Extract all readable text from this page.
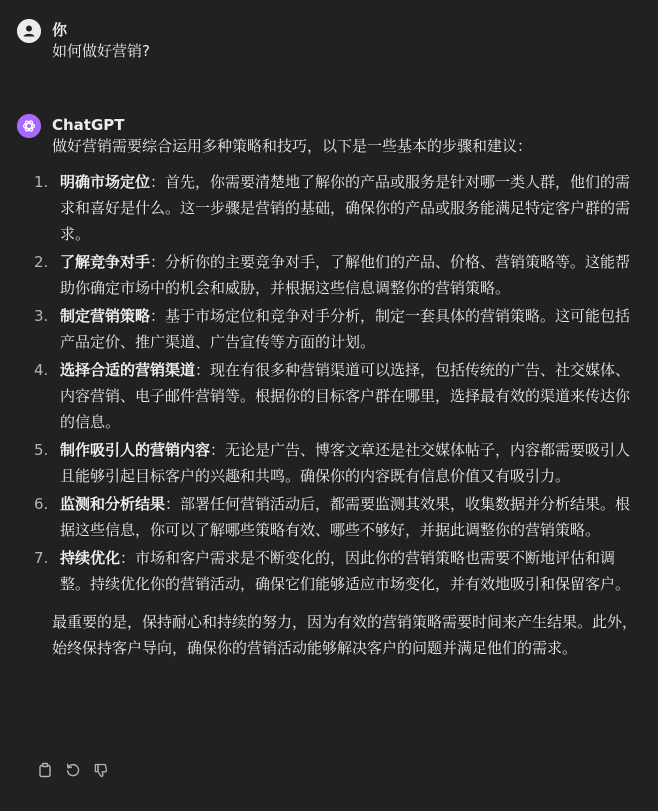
你
如何做好营销?
ChatGPT

做好营销需要综合运用多种策略和技巧，以下是一些基本的步骤和建议：

1. 明确市场定位：首先，你需要清楚地了解你的产品或服务是针对哪一类人群，他们的需求和喜好是什么。这一步骤是营销的基础，确保你的产品或服务能满足特定客户群的需求。
2. 了解竞争对手：分析你的主要竞争对手，了解他们的产品、价格、营销策略等。这能帮助你确定市场中的机会和威胁，并根据这些信息调整你的营销策略。
3. 制定营销策略：基于市场定位和竞争对手分析，制定一套具体的营销策略。这可能包括产品定价、推广渠道、广告宣传等方面的计划。
4. 选择合适的营销渠道：现在有很多种营销渠道可以选择，包括传统的广告、社交媒体、内容营销、电子邮件营销等。根据你的目标客户群在哪里，选择最有效的渠道来传达你的信息。
5. 制作吸引人的营销内容：无论是广告、博客文章还是社交媒体帖子，内容都需要吸引人且能够引起目标客户的兴趣和共鸣。确保你的内容既有信息价值又有吸引力。
6. 监测和分析结果：部署任何营销活动后，都需要监测其效果，收集数据并分析结果。根据这些信息，你可以了解哪些策略有效、哪些不够好，并据此调整你的营销策略。
7. 持续优化：市场和客户需求是不断变化的，因此你的营销策略也需要不断地评估和调整。持续优化你的营销活动，确保它们能够适应市场变化，并有效地吸引和保留客户。

最重要的是，保持耐心和持续的努力，因为有效的营销策略需要时间来产生结果。此外，始终保持客户导向，确保你的营销活动能够解决客户的问题并满足他们的需求。
